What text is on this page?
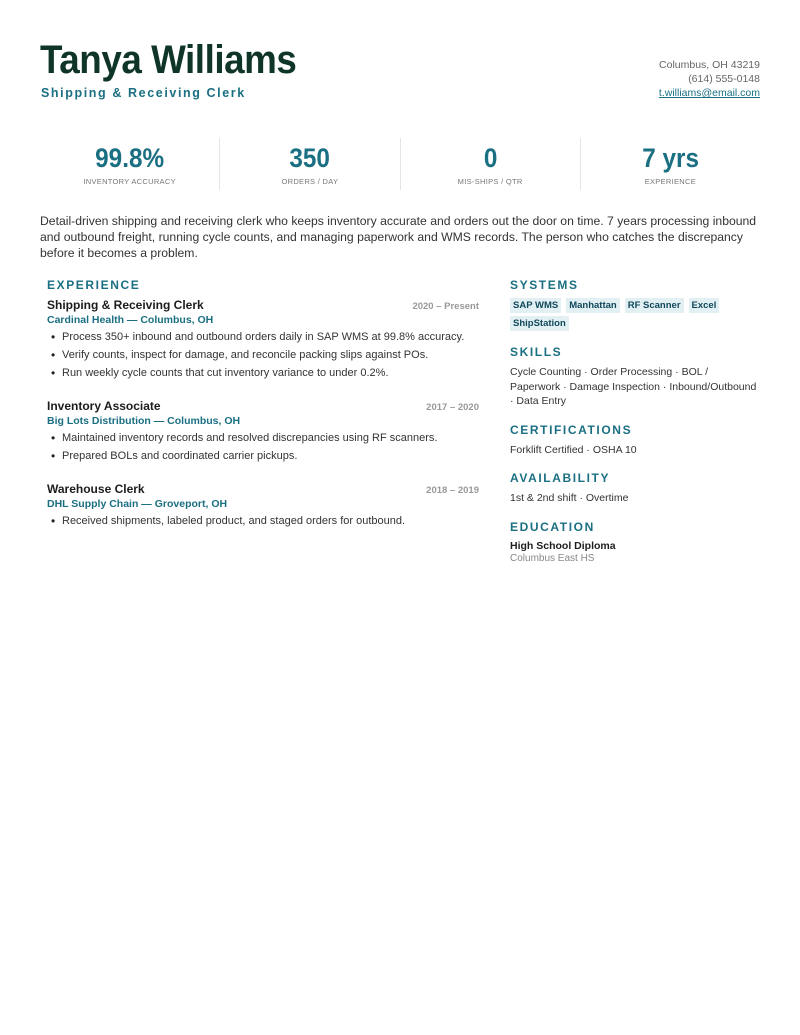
Tanya Williams
Shipping & Receiving Clerk
Columbus, OH 43219
(614) 555-0148
t.williams@email.com
99.8%
INVENTORY ACCURACY
350
ORDERS / DAY
0
MIS-SHIPS / QTR
7 yrs
EXPERIENCE

Detail-driven shipping and receiving clerk who keeps inventory accurate and orders out the door on time. 7 years processing inbound and outbound freight, running cycle counts, and managing paperwork and WMS records. The person who catches the discrepancy before it becomes a problem.

EXPERIENCE
Shipping & Receiving Clerk	2020 – Present
Cardinal Health — Columbus, OH
• Process 350+ inbound and outbound orders daily in SAP WMS at 99.8% accuracy.
• Verify counts, inspect for damage, and reconcile packing slips against POs.
• Run weekly cycle counts that cut inventory variance to under 0.2%.
Inventory Associate	2017 – 2020
Big Lots Distribution — Columbus, OH
• Maintained inventory records and resolved discrepancies using RF scanners.
• Prepared BOLs and coordinated carrier pickups.
Warehouse Clerk	2018 – 2019
DHL Supply Chain — Groveport, OH
• Received shipments, labeled product, and staged orders for outbound.
SYSTEMS
SAP WMS	Manhattan	RF Scanner	Excel
ShipStation
SKILLS

Cycle Counting · Order Processing · BOL / Paperwork · Damage Inspection · Inbound/Outbound · Data Entry

CERTIFICATIONS

Forklift Certified · OSHA 10

AVAILABILITY

1st & 2nd shift · Overtime

EDUCATION
High School Diploma
Columbus East HS
